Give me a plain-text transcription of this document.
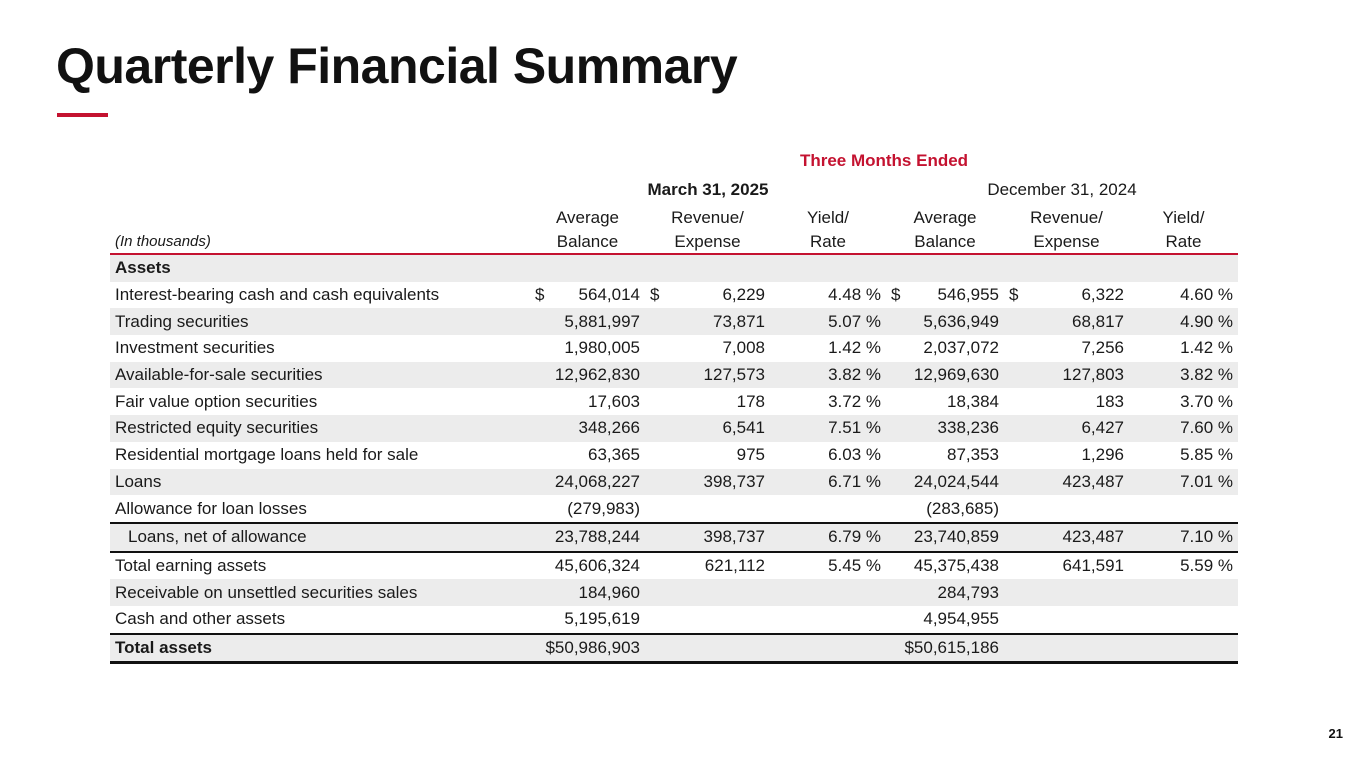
Quarterly Financial Summary
	Three Months Ended					
	March 31, 2025			December 31, 2024		
	Average	Revenue/	Yield/	Average	Revenue/	Yield/
(In thousands)	Balance	Expense	Rate	Balance	Expense	Rate
Assets						
Interest-bearing cash and cash equivalents	$ 564,014	$ 6,229	4.48 %	$ 546,955	$ 6,322	4.60 %
Trading securities	5,881,997	73,871	5.07 %	5,636,949	68,817	4.90 %
Investment securities	1,980,005	7,008	1.42 %	2,037,072	7,256	1.42 %
Available-for-sale securities	12,962,830	127,573	3.82 %	12,969,630	127,803	3.82 %
Fair value option securities	17,603	178	3.72 %	18,384	183	3.70 %
Restricted equity securities	348,266	6,541	7.51 %	338,236	6,427	7.60 %
Residential mortgage loans held for sale	63,365	975	6.03 %	87,353	1,296	5.85 %
Loans	24,068,227	398,737	6.71 %	24,024,544	423,487	7.01 %
Allowance for loan losses	(279,983)			(283,685)		
Loans, net of allowance	23,788,244	398,737	6.79 %	23,740,859	423,487	7.10 %
Total earning assets	45,606,324	621,112	5.45 %	45,375,438	641,591	5.59 %
Receivable on unsettled securities sales	184,960			284,793		
Cash and other assets	5,195,619			4,954,955		
Total assets	$50,986,903			$50,615,186		
21
